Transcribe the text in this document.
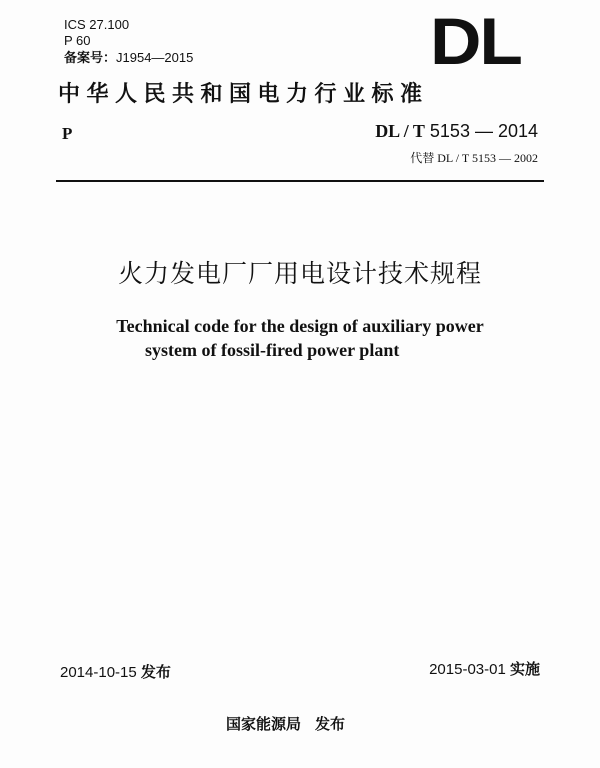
ICS 27.100
P 60
备案号：J1954—2015	DL
中华人民共和国电力行业标准
P	DL / T 5153 — 2014
代替 DL / T 5153 — 2002
火力发电厂厂用电设计技术规程
Technical code for the design of auxiliary power
system of fossil-fired power plant
2014-10-15 发布	2015-03-01 实施
国家能源局 发布
